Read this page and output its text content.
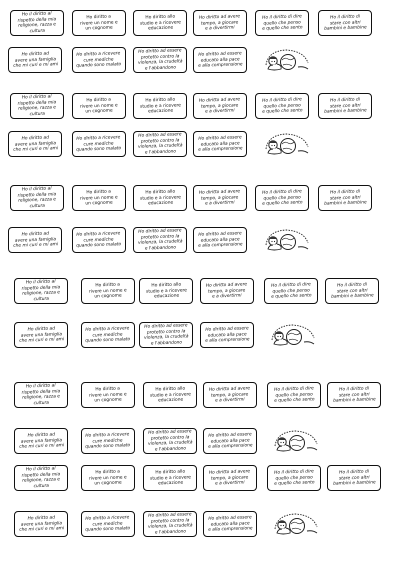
Ho il diritto al
rispetto della mia
religione, razza e cultura
Ho diritto a
rivere un nome e
un cognome
Ho diritto allo
studio e a ricevere
educazione
Ho diritto ad avere
tempo, a giocare
e a divertirmi
Ho il diritto di dire
quello che penso
e quello che sento
Ho il diritto di
stare con altri
bambini e bambine
Ho diritto ad
avere una famiglia
che mi curi e mi ami
Ho diritto a ricevere
cure mediche
quando sono malato
Ho diritto ad essere
protetto contro la
violenza, la crudeltà
e l'abbandono
Ho diritto ad essere
educato alla pace
e alla comprensione
Ho il diritto al
rispetto della mia
religione, razza e cultura
Ho diritto a
rivere un nome e
un cognome
Ho diritto allo
studio e a ricevere
educazione
Ho diritto ad avere
tempo, a giocare
e a divertirmi
Ho il diritto di dire
quello che penso
e quello che sento
Ho il diritto di
stare con altri
bambini e bambine
Ho diritto ad
avere una famiglia
che mi curi e mi ami
Ho diritto a ricevere
cure mediche
quando sono malato
Ho diritto ad essere
protetto contro la
violenza, la crudeltà
e l'abbandono
Ho diritto ad essere
educato alla pace
e alla comprensione
Ho il diritto al
rispetto della mia
religione, razza e cultura
Ho diritto a
rivere un nome e
un cognome
Ho diritto allo
studio e a ricevere
educazione
Ho diritto ad avere
tempo, a giocare
e a divertirmi
Ho il diritto di dire
quello che penso
e quello che sento
Ho il diritto di
stare con altri
bambini e bambine
Ho diritto ad
avere una famiglia
che mi curi e mi ami
Ho diritto a ricevere
cure mediche
quando sono malato
Ho diritto ad essere
protetto contro la
violenza, la crudeltà
e l'abbandono
Ho diritto ad essere
educato alla pace
e alla comprensione
Ho il diritto al
rispetto della mia
religione, razza e cultura
Ho diritto a
rivere un nome e
un cognome
Ho diritto allo
studio e a ricevere
educazione
Ho diritto ad avere
tempo, a giocare
e a divertirmi
Ho il diritto di dire
quello che penso
e quello che sento
Ho il diritto di
stare con altri
bambini e bambine
Ho diritto ad
avere una famiglia
che mi curi e mi ami
Ho diritto a ricevere
cure mediche
quando sono malato
Ho diritto ad essere
protetto contro la
violenza, la crudeltà
e l'abbandono
Ho diritto ad essere
educato alla pace
e alla comprensione
Ho il diritto al
rispetto della mia
religione, razza e cultura
Ho diritto a
rivere un nome e
un cognome
Ho diritto allo
studio e a ricevere
educazione
Ho diritto ad avere
tempo, a giocare
e a divertirmi
Ho il diritto di dire
quello che penso
e quello che sento
Ho il diritto di
stare con altri
bambini e bambine
Ho diritto ad
avere una famiglia
che mi curi e mi ami
Ho diritto a ricevere
cure mediche
quando sono malato
Ho diritto ad essere
protetto contro la
violenza, la crudeltà
e l'abbandono
Ho diritto ad essere
educato alla pace
e alla comprensione
Ho il diritto al
rispetto della mia
religione, razza e cultura
Ho diritto a
rivere un nome e
un cognome
Ho diritto allo
studio e a ricevere
educazione
Ho diritto ad avere
tempo, a giocare
e a divertirmi
Ho il diritto di dire
quello che penso
e quello che sento
Ho il diritto di
stare con altri
bambini e bambine
Ho diritto ad
avere una famiglia
che mi curi e mi ami
Ho diritto a ricevere
cure mediche
quando sono malato
Ho diritto ad essere
protetto contro la
violenza, la crudeltà
e l'abbandono
Ho diritto ad essere
educato alla pace
e alla comprensione
